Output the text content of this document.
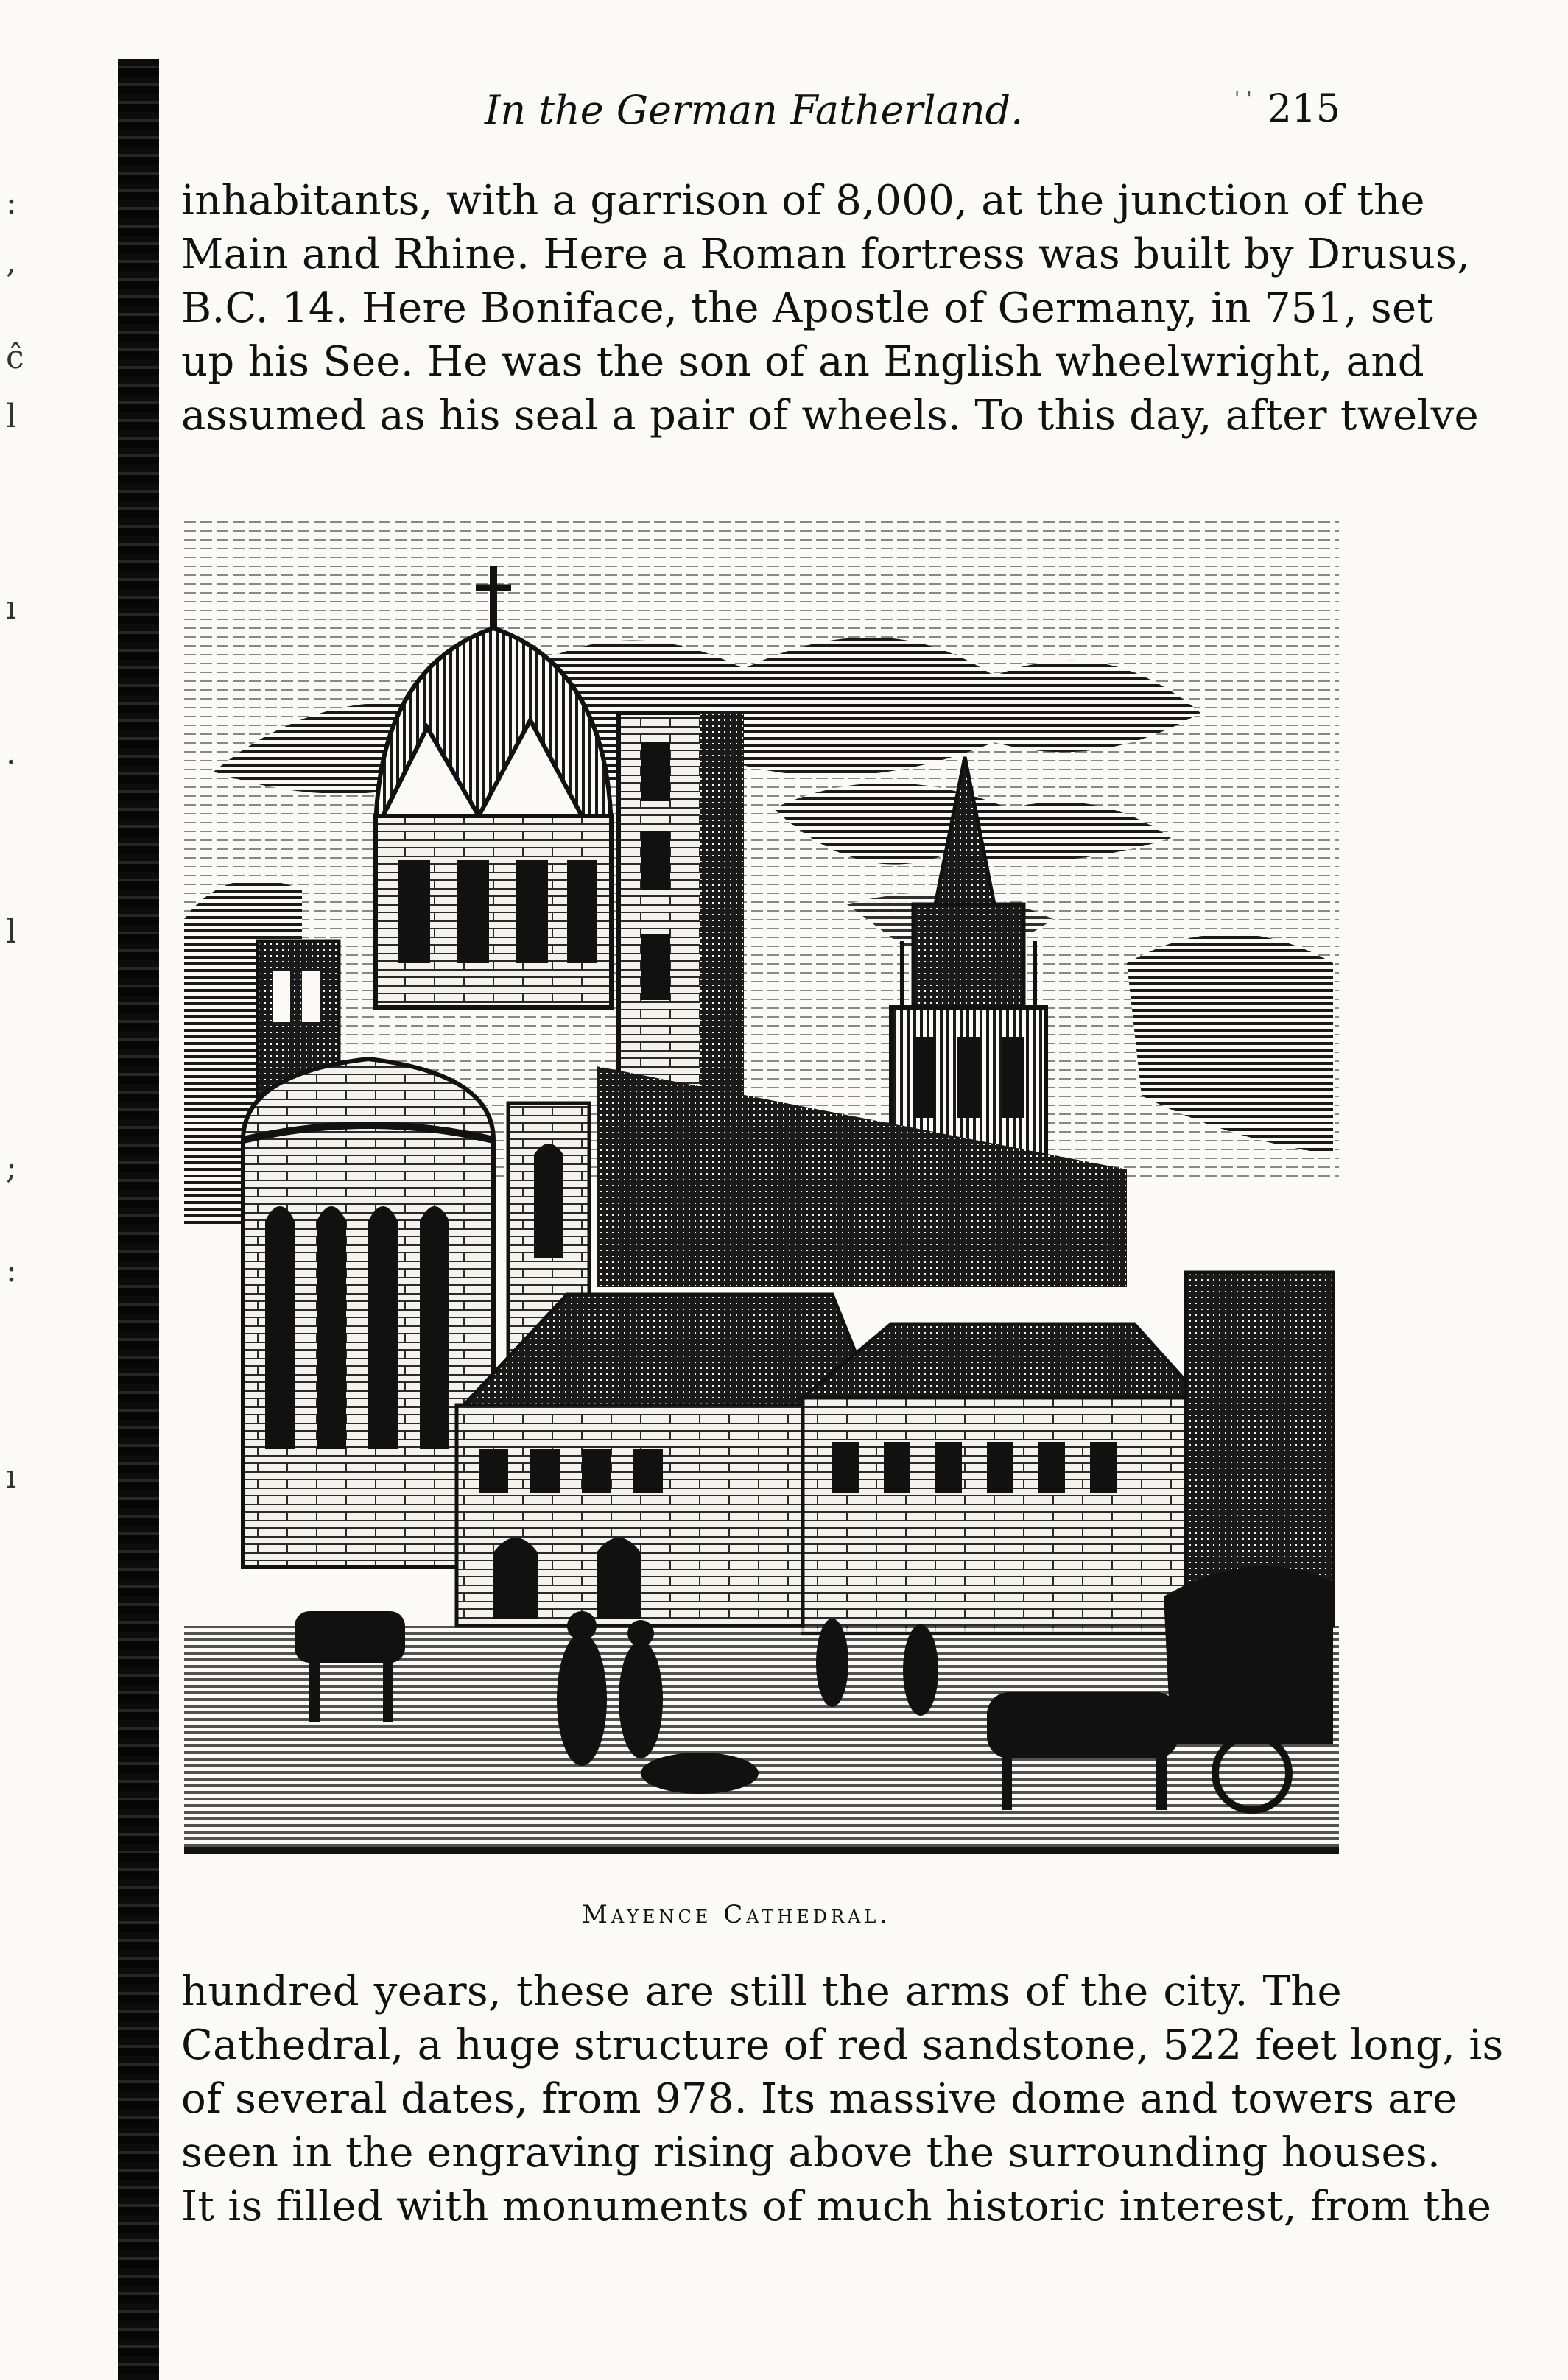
:
,
ĉ
l
ı
·
l
;
:
ı
In the German Fatherland.	' ' 215
inhabitants, with a garrison of 8,000, at the junction of the
Main and Rhine. Here a Roman fortress was built by Drusus,
B.C. 14. Here Boniface, the Apostle of Germany, in 751, set
up his See. He was the son of an English wheelwright, and
assumed as his seal a pair of wheels. To this day, after twelve
Mayence Cathedral.
hundred years, these are still the arms of the city. The
Cathedral, a huge structure of red sandstone, 522 feet long, is
of several dates, from 978. Its massive dome and towers are
seen in the engraving rising above the surrounding houses.
It is filled with monuments of much historic interest, from the
